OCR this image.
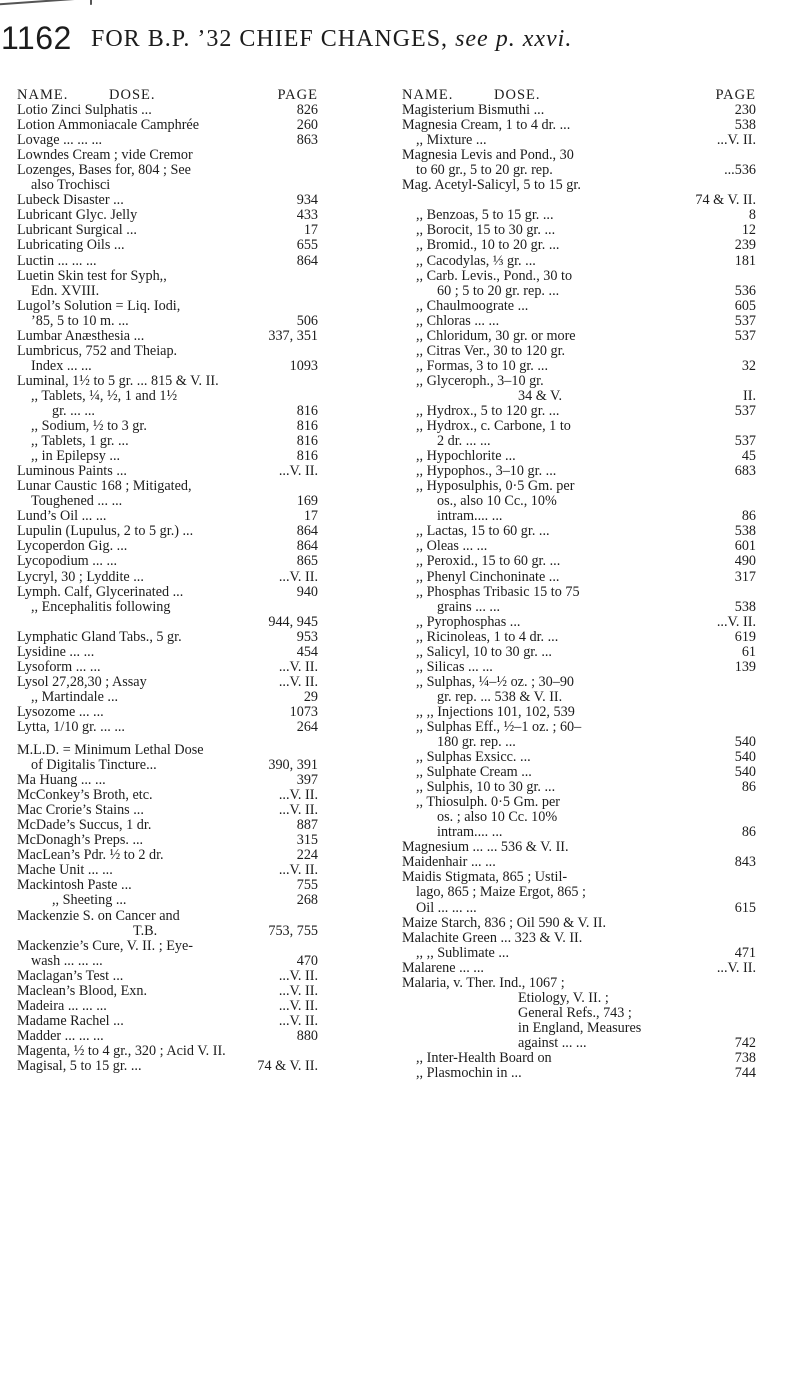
1162 FOR B.P. ’32 CHIEF CHANGES, see p. xxvi.
NAME.	DOSE.	PAGE
Lotio Zinci Sulphatis ...	826
Lotion Ammoniacale Camphrée	260
Lovage ... ... ...	863
Lowndes Cream ; vide Cremor
Lozenges, Bases for, 804 ; See
also Trochisci
Lubeck Disaster ...	934
Lubricant Glyc. Jelly	433
Lubricant Surgical ...	17
Lubricating Oils ...	655
Luctin ... ... ...	864
Luetin Skin test for Syph,,
Edn. XVIII.
Lugol’s Solution = Liq. Iodi,
’85, 5 to 10 m. ...	506
Lumbar Anæsthesia ...	337, 351
Lumbricus, 752 and Theiap.
Index ... ...	1093
Luminal, 1½ to 5 gr. ... 815 & V. II.
,, Tablets, ¼, ½, 1 and 1½
gr. ... ...	816
,, Sodium, ½ to 3 gr.	816
,, Tablets, 1 gr. ...	816
,, in Epilepsy ...	816
Luminous Paints ...	...V. II.
Lunar Caustic 168 ; Mitigated,
Toughened ... ...	169
Lund’s Oil ... ...	17
Lupulin (Lupulus, 2 to 5 gr.) ...	864
Lycoperdon Gig. ...	864
Lycopodium ... ...	865
Lycryl, 30 ; Lyddite ...	...V. II.
Lymph. Calf, Glycerinated ...	940
,, Encephalitis following
944, 945
Lymphatic Gland Tabs., 5 gr.	953
Lysidine ... ...	454
Lysoform ... ...	...V. II.
Lysol 27,28,30 ; Assay	...V. II.
,, Martindale ...	29
Lysozome ... ...	1073
Lytta, 1/10 gr. ... ...	264
M.L.D. = Minimum Lethal Dose
of Digitalis Tincture...	390, 391
Ma Huang ... ...	397
McConkey’s Broth, etc.	...V. II.
Mac Crorie’s Stains ...	...V. II.
McDade’s Succus, 1 dr.	887
McDonagh’s Preps. ...	315
MacLean’s Pdr. ½ to 2 dr.	224
Mache Unit ... ...	...V. II.
Mackintosh Paste ...	755
,, Sheeting ...	268
Mackenzie S. on Cancer and
T.B.	753, 755
Mackenzie’s Cure, V. II. ; Eye-
wash ... ... ...	470
Maclagan’s Test ...	...V. II.
Maclean’s Blood, Exn.	...V. II.
Madeira ... ... ...	...V. II.
Madame Rachel ...	...V. II.
Madder ... ... ...	880
Magenta, ½ to 4 gr., 320 ; Acid V. II.
Magisal, 5 to 15 gr. ...	74 & V. II.
NAME.	DOSE.	PAGE
Magisterium Bismuthi ...	230
Magnesia Cream, 1 to 4 dr. ...	538
,, Mixture ...	...V. II.
Magnesia Levis and Pond., 30
to 60 gr., 5 to 20 gr. rep.	...536
Mag. Acetyl-Salicyl, 5 to 15 gr.
74 & V. II.
,, Benzoas, 5 to 15 gr. ...	8
,, Borocit, 15 to 30 gr. ...	12
,, Bromid., 10 to 20 gr. ...	239
,, Cacodylas, ⅓ gr. ...	181
,, Carb. Levis., Pond., 30 to
60 ; 5 to 20 gr. rep. ...	536
,, Chaulmoograte ...	605
,, Chloras ... ...	537
,, Chloridum, 30 gr. or more	537
,, Citras Ver., 30 to 120 gr.
,, Formas, 3 to 10 gr. ...	32
,, Glyceroph., 3–10 gr.
34 & V.	II.
,, Hydrox., 5 to 120 gr. ...	537
,, Hydrox., c. Carbone, 1 to
2 dr. ... ...	537
,, Hypochlorite ...	45
,, Hypophos., 3–10 gr. ...	683
,, Hyposulphis, 0·5 Gm. per
os., also 10 Cc., 10%
intram.... ...	86
,, Lactas, 15 to 60 gr. ...	538
,, Oleas ... ...	601
,, Peroxid., 15 to 60 gr. ...	490
,, Phenyl Cinchoninate ...	317
,, Phosphas Tribasic 15 to 75
grains ... ...	538
,, Pyrophosphas ...	...V. II.
,, Ricinoleas, 1 to 4 dr. ...	619
,, Salicyl, 10 to 30 gr. ...	61
,, Silicas ... ...	139
,, Sulphas, ¼–½ oz. ; 30–90
gr. rep. ... 538 & V. II.
,, ,, Injections 101, 102, 539
,, Sulphas Eff., ½–1 oz. ; 60–
180 gr. rep. ...	540
,, Sulphas Exsicc. ...	540
,, Sulphate Cream ...	540
,, Sulphis, 10 to 30 gr. ...	86
,, Thiosulph. 0·5 Gm. per
os. ; also 10 Cc. 10%
intram.... ...	86
Magnesium ... ... 536 & V. II.
Maidenhair ... ...	843
Maidis Stigmata, 865 ; Ustil-
lago, 865 ; Maize Ergot, 865 ;
Oil ... ... ...	615
Maize Starch, 836 ; Oil 590 & V. II.
Malachite Green ... 323 & V. II.
,, ,, Sublimate ...	471
Malarene ... ...	...V. II.
Malaria, v. Ther. Ind., 1067 ;
Etiology, V. II. ;
General Refs., 743 ;
in England, Measures
against ... ...	742
,, Inter-Health Board on	738
,, Plasmochin in ...	744
